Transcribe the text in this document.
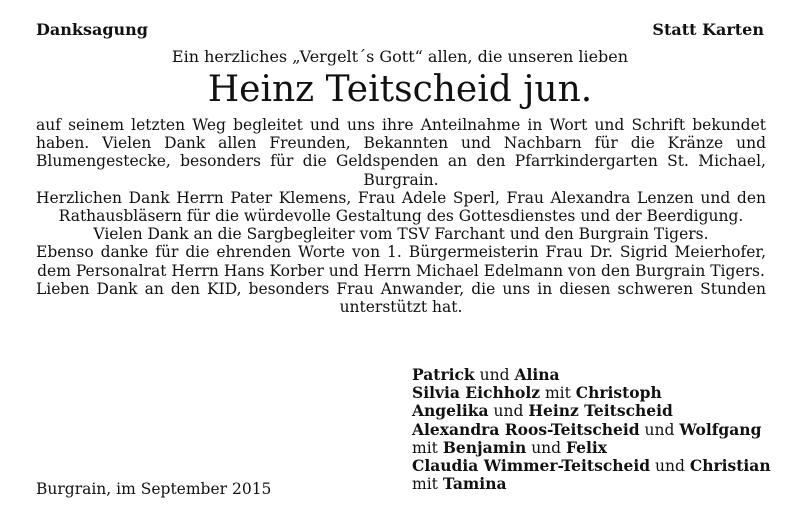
Danksagung	Statt Karten
Ein herzliches „Vergelt´s Gott“ allen, die unseren lieben
Heinz Teitscheid jun.

auf seinem letzten Weg begleitet und uns ihre Anteilnahme in Wort und Schrift bekundet haben. Vielen Dank allen Freunden, Bekannten und Nachbarn für die Kränze und Blumengestecke, besonders für die Geldspenden an den Pfarrkindergarten St. Michael, Burgrain.

Herzlichen Dank Herrn Pater Klemens, Frau Adele Sperl, Frau Alexandra Lenzen und den Rathausbläsern für die würdevolle Gestaltung des Gottesdienstes und der Beerdigung.

Vielen Dank an die Sargbegleiter vom TSV Farchant und den Burgrain Tigers.

Ebenso danke für die ehrenden Worte von 1. Bürgermeisterin Frau Dr. Sigrid Meierhofer, dem Personalrat Herrn Hans Korber und Herrn Michael Edelmann von den Burgrain Tigers.

Lieben Dank an den KID, besonders Frau Anwander, die uns in diesen schweren Stunden unterstützt hat.

Patrick und Alina
Silvia Eichholz mit Christoph
Angelika und Heinz Teitscheid
Alexandra Roos-Teitscheid und Wolfgang
mit Benjamin und Felix
Claudia Wimmer-Teitscheid und Christian
mit Tamina
Burgrain, im September 2015
